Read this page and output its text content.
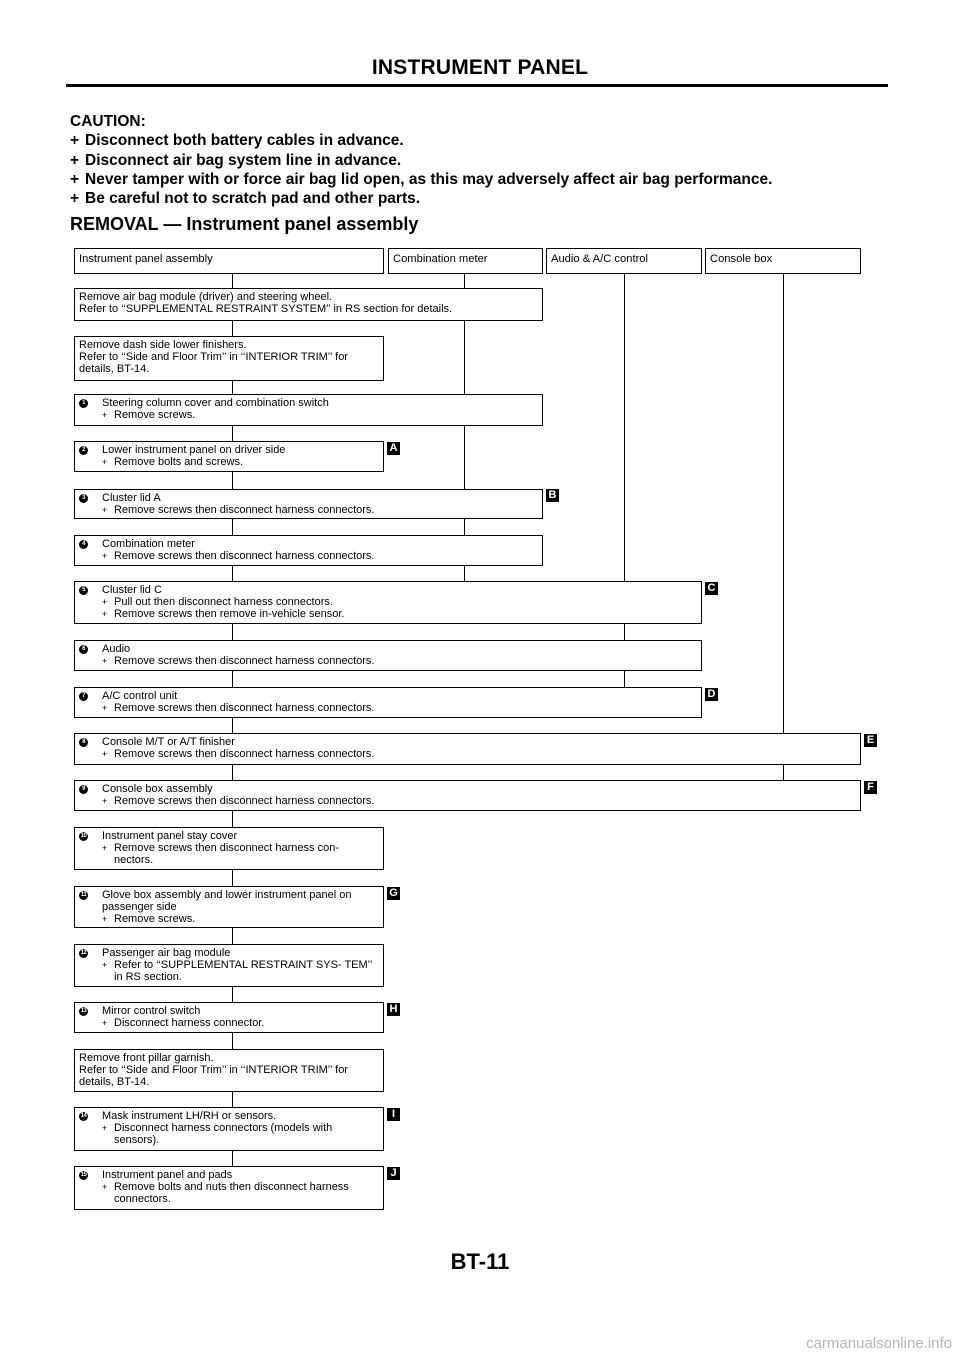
INSTRUMENT PANEL
CAUTION:
+ Disconnect both battery cables in advance.
+ Disconnect air bag system line in advance.
+ Never tamper with or force air bag lid open, as this may adversely affect air bag performance.
+ Be careful not to scratch pad and other parts.
REMOVAL — Instrument panel assembly
Instrument panel assembly	Combination meter	Audio & A/C control	Console box
Remove air bag module (driver) and steering wheel.
Refer to ‘‘SUPPLEMENTAL RESTRAINT SYSTEM’’ in RS section for details.
Remove dash side lower finishers.
Refer to ‘‘Side and Floor Trim’’ in ‘‘INTERIOR TRIM’’ for
details, BT-14.
1 Steering column cover and combination switch
+ Remove screws.
2 Lower instrument panel on driver side
+ Remove bolts and screws.
3 Cluster lid A
+ Remove screws then disconnect harness connectors.
4 Combination meter
+ Remove screws then disconnect harness connectors.
5 Cluster lid C
+ Pull out then disconnect harness connectors.
+ Remove screws then remove in-vehicle sensor.
6 Audio
+ Remove screws then disconnect harness connectors.
7 A/C control unit
+ Remove screws then disconnect harness connectors.
8 Console M/T or A/T finisher
+ Remove screws then disconnect harness connectors.
9 Console box assembly
+ Remove screws then disconnect harness connectors.
10 Instrument panel stay cover
+ Remove screws then disconnect harness con- nectors.
11 Glove box assembly and lower instrument panel on passenger side
+ Remove screws.
12 Passenger air bag module
+ Refer to ‘‘SUPPLEMENTAL RESTRAINT SYS- TEM’’ in RS section.
13 Mirror control switch
+ Disconnect harness connector.
Remove front pillar garnish.
Refer to ‘‘Side and Floor Trim’’ in ‘‘INTERIOR TRIM’’ for
details, BT-14.
14 Mask instrument LH/RH or sensors.
+ Disconnect harness connectors (models with sensors).
15 Instrument panel and pads
+ Remove bolts and nuts then disconnect harness connectors.
A
B
C
D
E
F
G
H
I
J
BT-11
carmanualsonline.info
